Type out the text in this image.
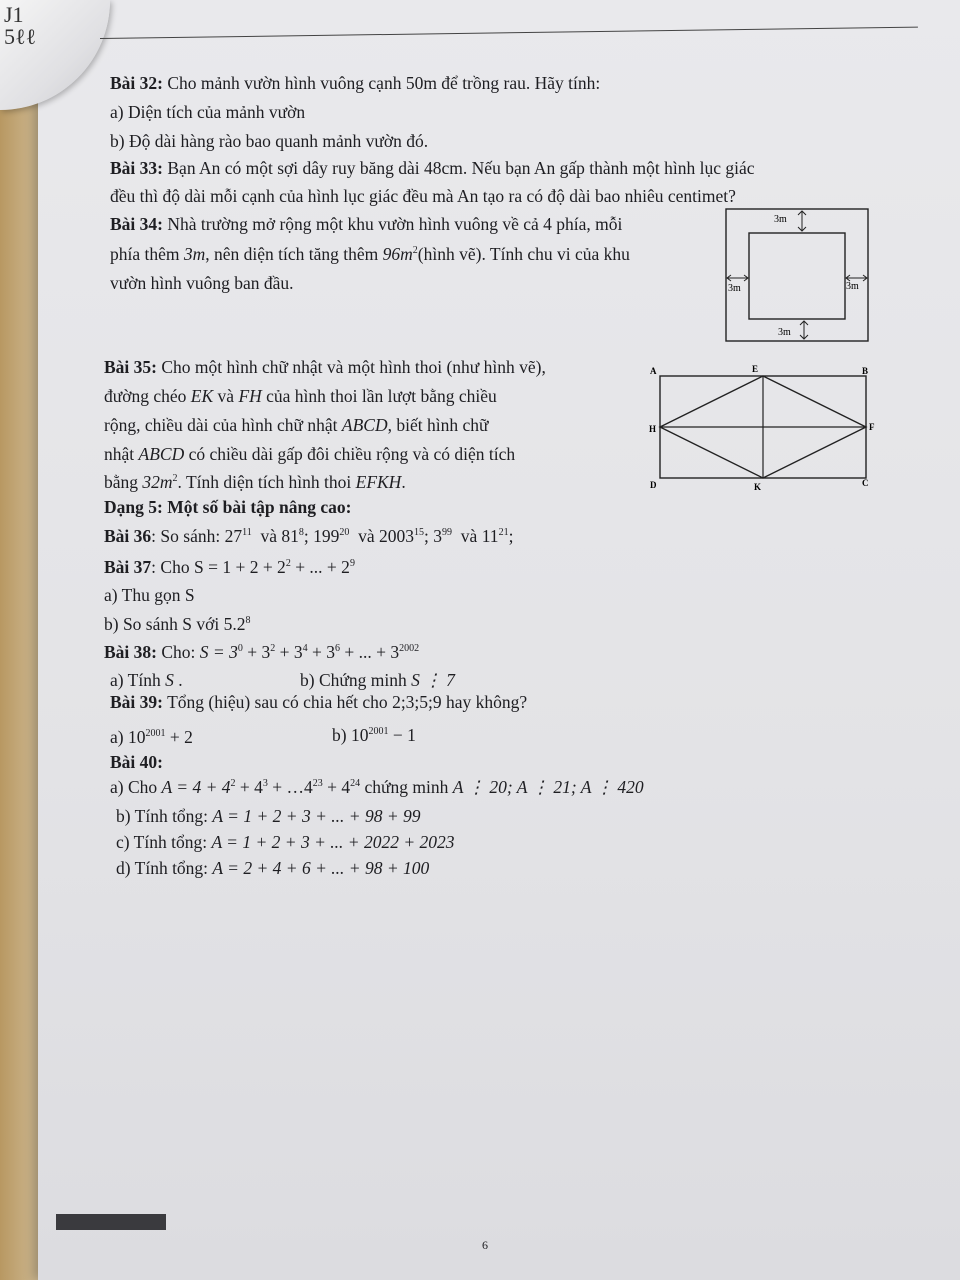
J1
5ℓℓ
Bài 32: Cho mảnh vườn hình vuông cạnh 50m để trồng rau. Hãy tính:
a) Diện tích của mảnh vườn
b) Độ dài hàng rào bao quanh mảnh vườn đó.
Bài 33: Bạn An có một sợi dây ruy băng dài 48cm. Nếu bạn An gấp thành một hình lục giác
đều thì độ dài mỗi cạnh của hình lục giác đều mà An tạo ra có độ dài bao nhiêu centimet?
Bài 34: Nhà trường mở rộng một khu vườn hình vuông về cả 4 phía, mỗi
phía thêm 3m, nên diện tích tăng thêm $96m^2(hình$ vẽ). Tính chu vi của khu
vườn hình vuông ban đầu.
3m
3m	3m
3m
Bài 35: Cho một hình chữ nhật và một hình thoi (như hình vẽ),
đường chéo EK và FH của hình thoi lần lượt bằng chiều
rộng, chiều dài của hình chữ nhật ABCD, biết hình chữ
nhật ABCD có chiều dài gấp đôi chiều rộng và có diện tích
bằng $32m^2$. Tính diện tích hình thoi EFKH.
A	E	B
H	F
D	K	C
Dạng 5: Một số bài tập nâng cao:
Bài 36: So sánh: $27^{11}$ và $81^8$; $199^{20}$ và 2003$^{15}$; $3^{99}$ và $11^{21}$;
Bài 37: Cho $S = 1 + 2 + 2^2$ + ... + $2^9$
a) Thu gọn S
b) So sánh S với $5.2^8$
Bài 38: Cho: $S = 3^0 + 3^2 + 3^4 + 3^6$ + ... + $3^{2002}$
a) Tính S .	b) Chứng minh S ⋮ 7
Bài 39: Tổng (hiệu) sau có chia hết cho 2;3;5;9 hay không?
a) $10^{2001} + 2$	b) $10^{2001} - 1$
Bài 40:
a) Cho $A = 4 + 4^2 + 4^3$ + $\dots 4^{23} + 4^{24}$ chứng minh A ⋮ 20; A ⋮ 21; A ⋮ 420
b) Tính tổng: A = 1 + 2 + 3 + ... + 98 + 99
c) Tính tổng: A = 1 + 2 + 3 + ... + 2022 + 2023
d) Tính tổng: A = 2 + 4 + 6 + ... + 98 + 100
6
